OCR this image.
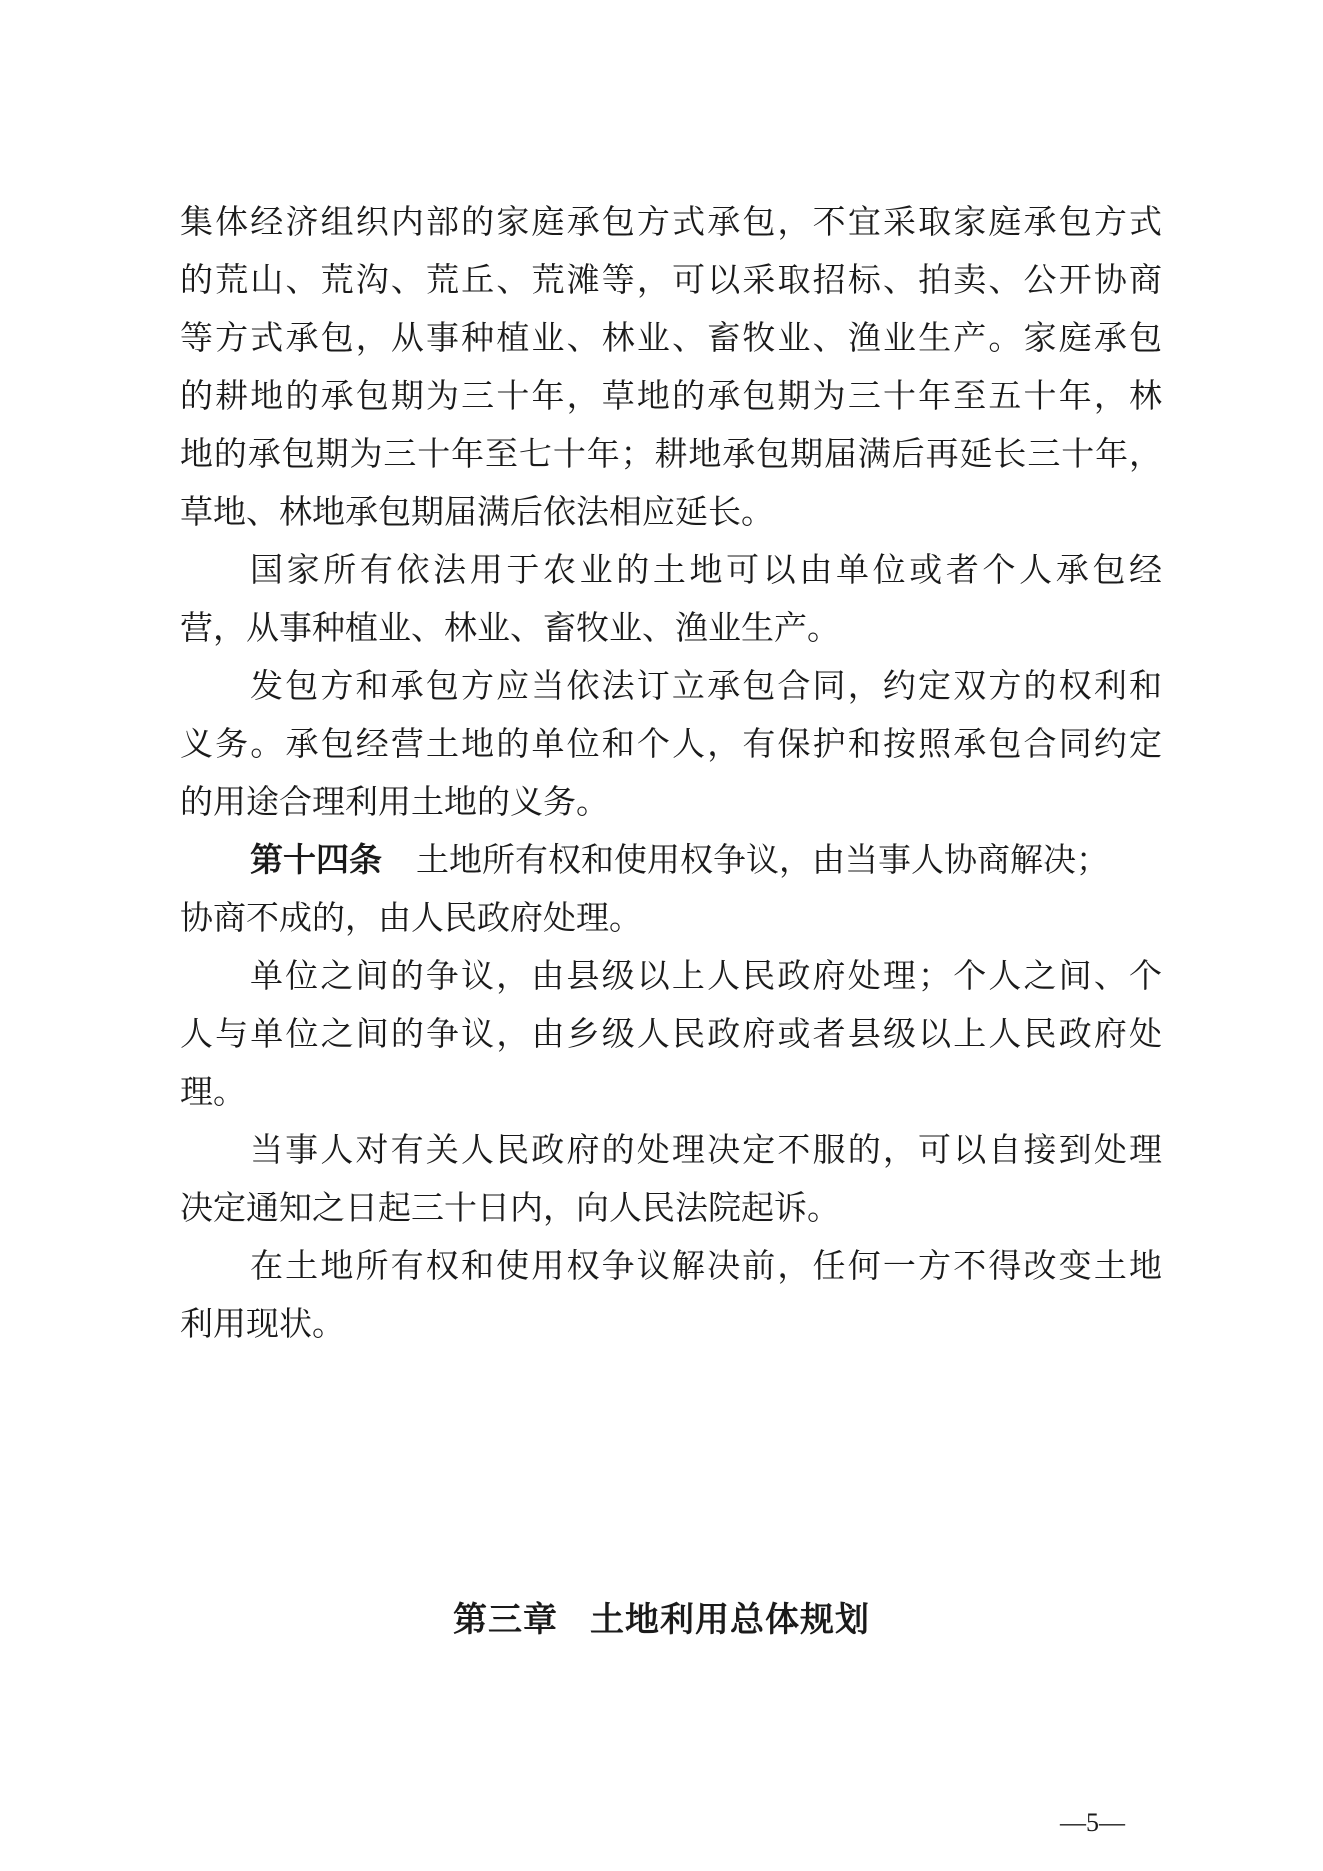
集体经济组织内部的家庭承包方式承包，不宜采取家庭承包方式
的荒山、荒沟、荒丘、荒滩等，可以采取招标、拍卖、公开协商
等方式承包，从事种植业、林业、畜牧业、渔业生产。家庭承包
的耕地的承包期为三十年，草地的承包期为三十年至五十年，林
地的承包期为三十年至七十年；耕地承包期届满后再延长三十年，
草地、林地承包期届满后依法相应延长。
国家所有依法用于农业的土地可以由单位或者个人承包经
营，从事种植业、林业、畜牧业、渔业生产。
发包方和承包方应当依法订立承包合同，约定双方的权利和
义务。承包经营土地的单位和个人，有保护和按照承包合同约定
的用途合理利用土地的义务。
第十四条 土地所有权和使用权争议，由当事人协商解决；
协商不成的，由人民政府处理。
单位之间的争议，由县级以上人民政府处理；个人之间、个
人与单位之间的争议，由乡级人民政府或者县级以上人民政府处
理。
当事人对有关人民政府的处理决定不服的，可以自接到处理
决定通知之日起三十日内，向人民法院起诉。
在土地所有权和使用权争议解决前，任何一方不得改变土地
利用现状。
第三章 土地利用总体规划
—5—
